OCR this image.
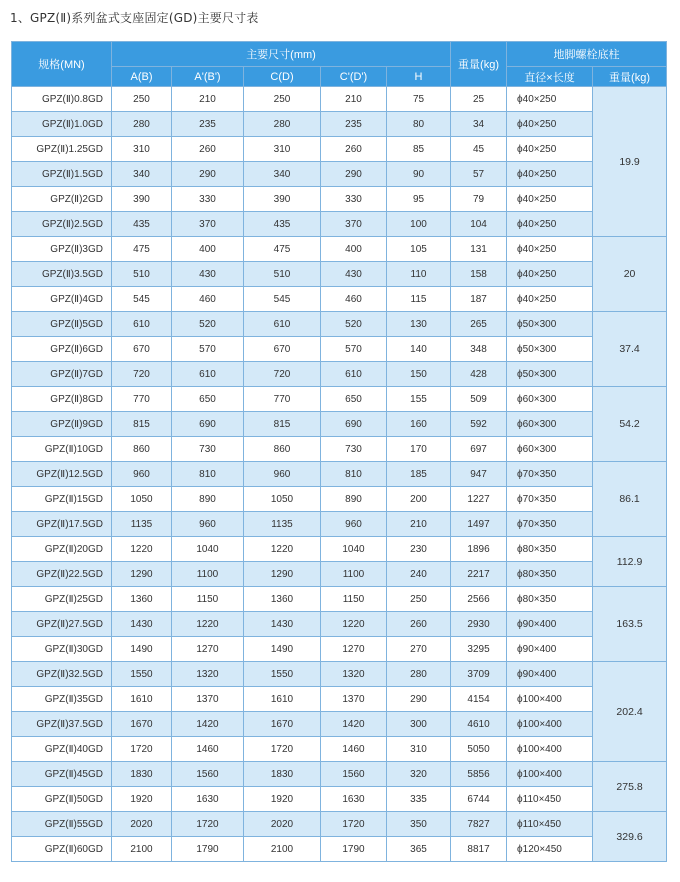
1、GPZ(Ⅱ)系列盆式支座固定(GD)主要尺寸表
规格(MN)	主要尺寸(mm)					重量(kg)	地脚螺栓底柱	
	A(B)	A'(B')	C(D)	C'(D')	H		直径×长度	重量(kg)
GPZ(Ⅱ)0.8GD	250	210	250	210	75	25	ϕ40×250	19.9
GPZ(Ⅱ)1.0GD	280	235	280	235	80	34	ϕ40×250	
GPZ(Ⅱ)1.25GD	310	260	310	260	85	45	ϕ40×250	
GPZ(Ⅱ)1.5GD	340	290	340	290	90	57	ϕ40×250	
GPZ(Ⅱ)2GD	390	330	390	330	95	79	ϕ40×250	
GPZ(Ⅱ)2.5GD	435	370	435	370	100	104	ϕ40×250	
GPZ(Ⅱ)3GD	475	400	475	400	105	131	ϕ40×250	20
GPZ(Ⅱ)3.5GD	510	430	510	430	110	158	ϕ40×250	
GPZ(Ⅱ)4GD	545	460	545	460	115	187	ϕ40×250	
GPZ(Ⅱ)5GD	610	520	610	520	130	265	ϕ50×300	37.4
GPZ(Ⅱ)6GD	670	570	670	570	140	348	ϕ50×300	
GPZ(Ⅱ)7GD	720	610	720	610	150	428	ϕ50×300	
GPZ(Ⅱ)8GD	770	650	770	650	155	509	ϕ60×300	54.2
GPZ(Ⅱ)9GD	815	690	815	690	160	592	ϕ60×300	
GPZ(Ⅱ)10GD	860	730	860	730	170	697	ϕ60×300	
GPZ(Ⅱ)12.5GD	960	810	960	810	185	947	ϕ70×350	86.1
GPZ(Ⅱ)15GD	1050	890	1050	890	200	1227	ϕ70×350	
GPZ(Ⅱ)17.5GD	1135	960	1135	960	210	1497	ϕ70×350	
GPZ(Ⅱ)20GD	1220	1040	1220	1040	230	1896	ϕ80×350	112.9
GPZ(Ⅱ)22.5GD	1290	1100	1290	1100	240	2217	ϕ80×350	
GPZ(Ⅱ)25GD	1360	1150	1360	1150	250	2566	ϕ80×350	163.5
GPZ(Ⅱ)27.5GD	1430	1220	1430	1220	260	2930	ϕ90×400	
GPZ(Ⅱ)30GD	1490	1270	1490	1270	270	3295	ϕ90×400	
GPZ(Ⅱ)32.5GD	1550	1320	1550	1320	280	3709	ϕ90×400	202.4
GPZ(Ⅱ)35GD	1610	1370	1610	1370	290	4154	ϕ100×400	
GPZ(Ⅱ)37.5GD	1670	1420	1670	1420	300	4610	ϕ100×400	
GPZ(Ⅱ)40GD	1720	1460	1720	1460	310	5050	ϕ100×400	
GPZ(Ⅱ)45GD	1830	1560	1830	1560	320	5856	ϕ100×400	275.8
GPZ(Ⅱ)50GD	1920	1630	1920	1630	335	6744	ϕ110×450	
GPZ(Ⅱ)55GD	2020	1720	2020	1720	350	7827	ϕ110×450	329.6
GPZ(Ⅱ)60GD	2100	1790	2100	1790	365	8817	ϕ120×450	
